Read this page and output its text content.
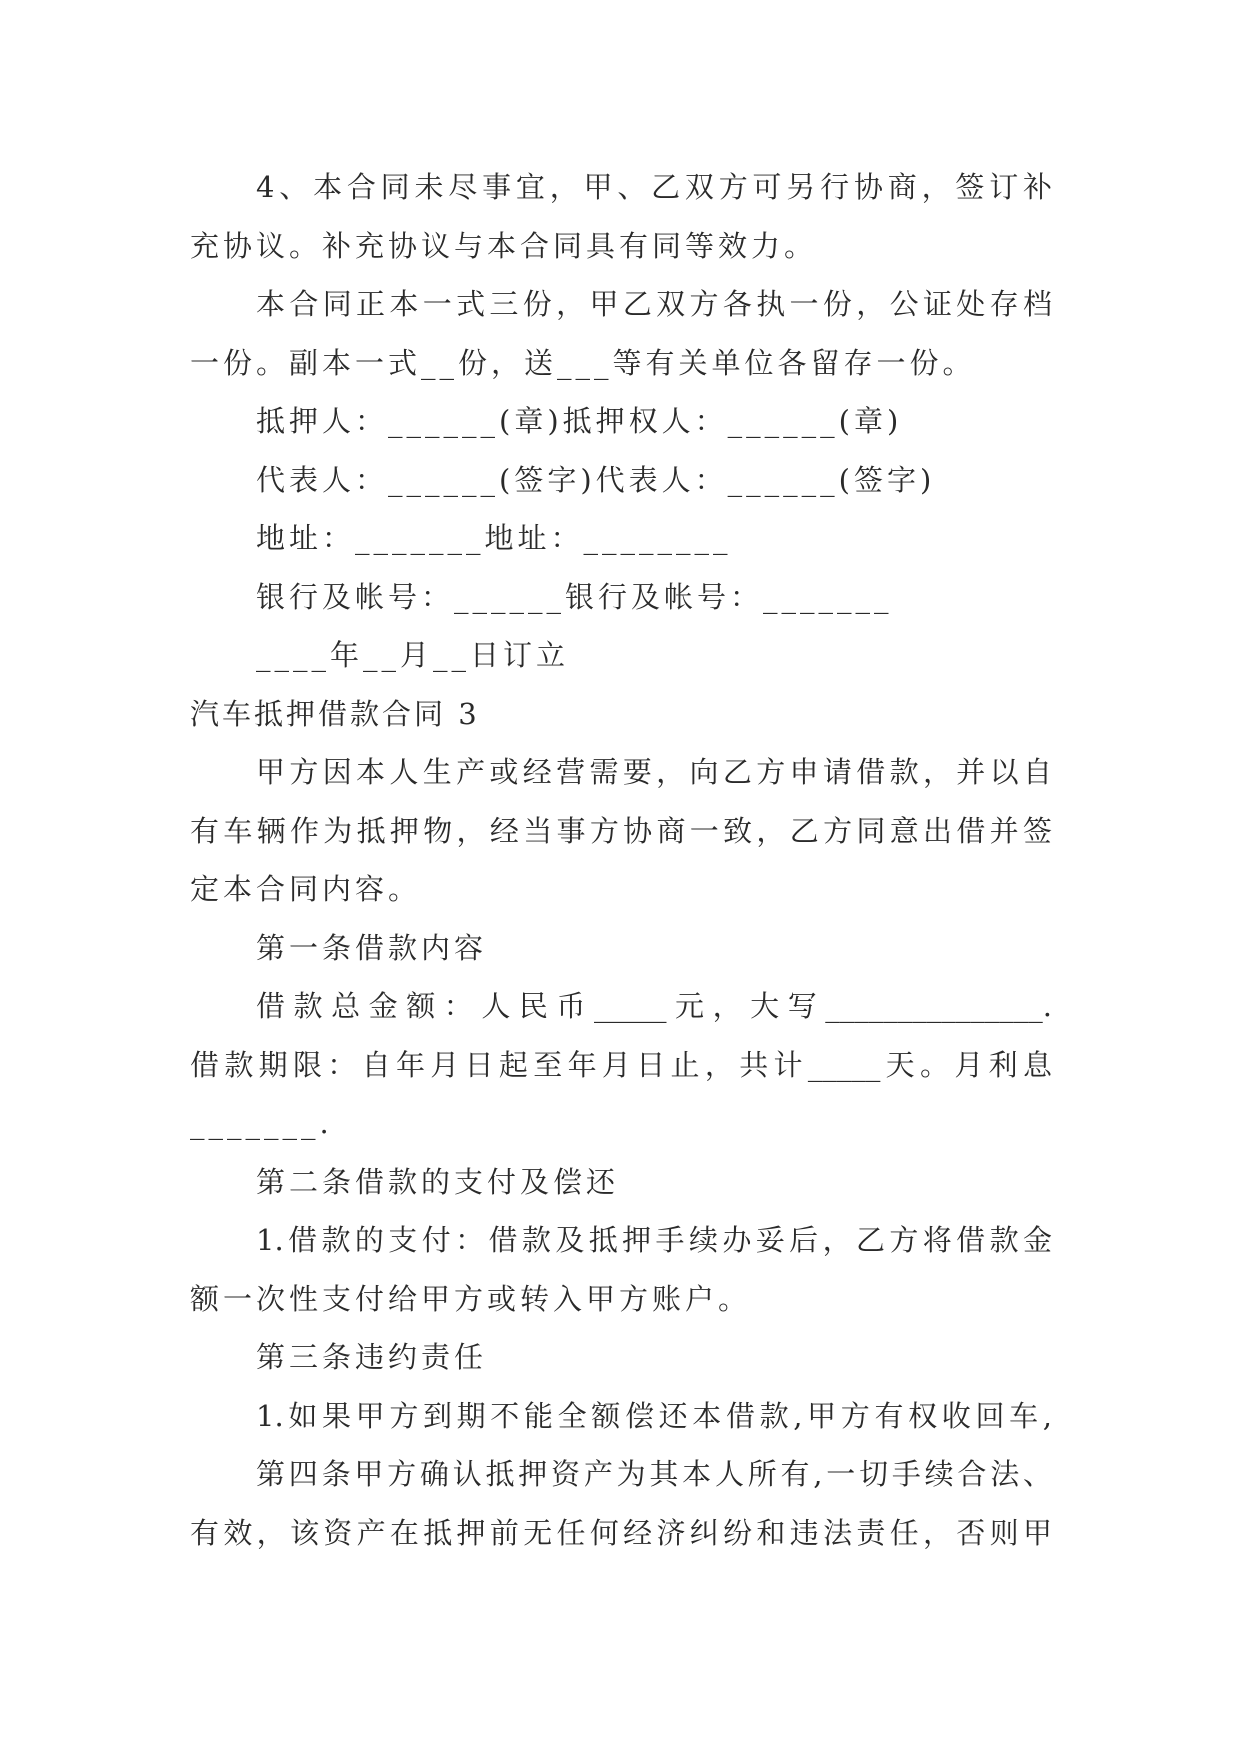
4、本合同未尽事宜，甲、乙双方可另行协商，签订补
充协议。补充协议与本合同具有同等效力。
本合同正本一式三份，甲乙双方各执一份，公证处存档
一份。副本一式__份，送___等有关单位各留存一份。
抵押人：______(章)抵押权人：______(章)
代表人：______(签字)代表人：______(签字)
地址：_______地址：________
银行及帐号：______银行及帐号：_______
____年__月__日订立
汽车抵押借款合同 3
甲方因本人生产或经营需要，向乙方申请借款，并以自
有车辆作为抵押物，经当事方协商一致，乙方同意出借并签
定本合同内容。
第一条借款内容
借款总金额：人民币_____元，大写_______________.
借款期限：自年月日起至年月日止，共计_____天。月利息
_______.
第二条借款的支付及偿还
1.借款的支付：借款及抵押手续办妥后，乙方将借款金
额一次性支付给甲方或转入甲方账户。
第三条违约责任
1.如果甲方到期不能全额偿还本借款,甲方有权收回车,
第四条甲方确认抵押资产为其本人所有,一切手续合法、
有效，该资产在抵押前无任何经济纠纷和违法责任，否则甲
